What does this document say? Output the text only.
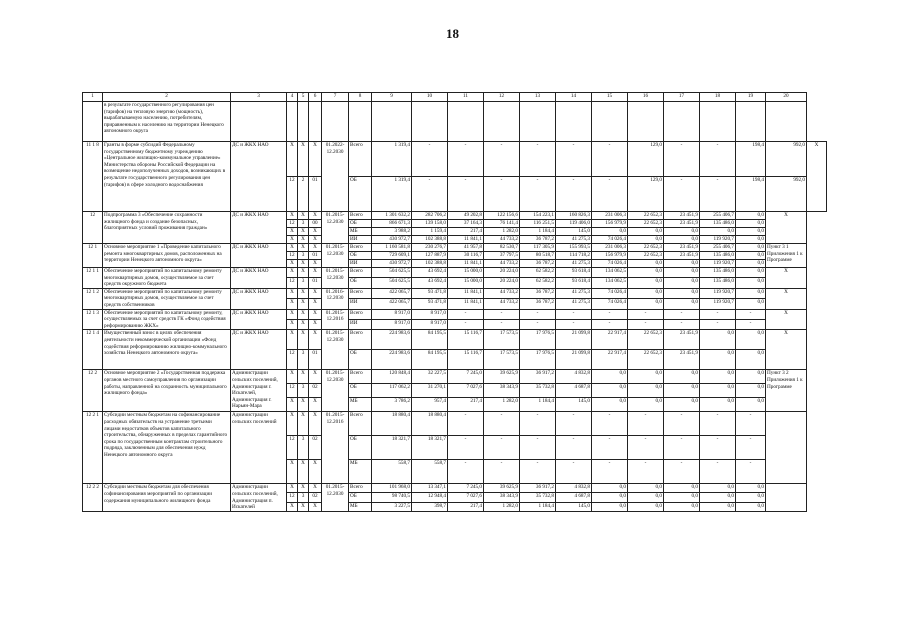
18
1	2	3	4	5	6	7	8	9	10	11	12	13	14	15	16	17	18	19	20	
	в результате государственного регулирования цен (тарифов) на тепловую энергию (мощность), вырабатываемую населению, потребителям, приравненным к населению на территории Ненецкого автономного округа																			
11 1 8	Гранты в форме субсидий Федеральному государственному бюджетному учреждению «Центральное жилищно-коммунальное управление» Министерства обороны Российской Федерации на возмещение недополученных доходов, возникающих в результате государственного регулирования цен (тарифов) в сфере холодного водоснабжения	ДС и ЖКХ НАО	X	X	X	01.2022-12.2030	Всего	1 319,4	-	-	-	-	-	-	129,0	-	-	198,4	992,0	X
			12	2	01		ОБ	1 319,4	-	-	-	-	-	-	129,0	-	-	198,4	992,0	
12	Подпрограмма 3 «Обеспечение сохранности жилищного фонда и создание безопасных, благоприятных условий проживания граждан»	ДС и ЖКХ НАО	X	X	X	01.2015-12.2030	Всего	1 301 632,2	282 706,2	49 202,8	122 156,6	154 223,1	160 826,3	231 006,3	22 652,3	23 451,9	255 406,7	0,0	X	
			12	3	00		ОБ	866 671,3	139 158,0	37 164,3	76 141,4	116 251,5	119 406,0	156 979,9	22 652,3	23 451,9	135 486,0	0,0		
			X	X	X		МБ	3 988,2	1 159,4	217,4	1 282,0	1 184,4	145,0	0,0	0,0	0,0	0,0	0,0		
			X	X	X		ИИ	430 972,7	102 388,8	11 841,1	44 733,2	36 787,2	41 275,3	74 026,4	0,0	0,0	119 920,7	0,0		
12 1	Основное мероприятие 1 «Проведение капитального ремонта многоквартирных домов, расположенных на территории Ненецкого автономного округа»	ДС и ЖКХ НАО	X	X	X	01.2015-12.2030	Всего	1 160 581,8	230 276,7	41 957,8	82 530,7	117 305,9	155 993,5	231 006,3	22 652,3	23 451,9	255 406,7	0,0	Пункт 3 1 Приложения 1 к Программе	
			12	3	01		ОБ	729 609,1	127 887,9	30 116,7	37 797,5	80 518,7	114 718,2	156 979,9	22 652,3	23 451,9	135 486,0	0,0		
			X	X	X		ИИ	430 972,7	102 388,8	11 841,1	44 733,2	36 787,2	41 275,3	74 026,4	0,0	0,0	119 920,7	0,0		
12 1 1	Обеспечение мероприятий по капитальному ремонту многоквартирных домов, осуществляемое за счет средств окружного бюджета	ДС и ЖКХ НАО	X	X	X	01.2015-12.2030	Всего	504 625,5	43 692,4	15 000,0	20 224,0	62 582,2	93 618,4	134 062,5	0,0	0,0	135 486,0	0,0	X	
			12	3	01		ОБ	504 625,5	43 692,4	15 000,0	20 224,0	62 582,2	93 618,4	134 062,5	0,0	0,0	135 486,0	0,0		
12 1 2	Обеспечение мероприятий по капитальному ремонту многоквартирных домов, осуществляемое за счет средств собственников	ДС и ЖКХ НАО	X	X	X	01.2016-12.2030	Всего	422 065,7	93 471,8	11 841,1	44 733,2	36 787,2	41 275,3	74 026,4	0,0	0,0	119 920,7	0,0	X	
			X	X	X		ИИ	422 065,7	93 471,8	11 841,1	44 733,2	36 787,2	41 275,3	74 026,4	0,0	0,0	119 920,7	0,0		
12 1 3	Обеспечение мероприятий по капитальному ремонту, осуществляемых за счет средств ГК «Фонд содействия реформированию ЖКХ»	ДС и ЖКХ НАО	X	X	X	01.2015-12.2016	Всего	8 917,0	8 917,0	-	-	-	-	-	-	-	-	-	X	
			X	X	X		ИИ	8 917,0	8 917,0	-	-	-	-	-	-	-	-	-		
12 1 4	Имущественный взнос в целях обеспечения деятельности некоммерческой организации «Фонд содействия реформированию жилищно-коммунального хозяйства Ненецкого автономного округа»	ДС и ЖКХ НАО	X	X	X	01.2015-12.2030	Всего	224 983,6	84 195,5	15 116,7	17 573,5	17 976,5	21 099,8	22 917,4	22 652,3	23 451,9	0,0	0,0	X	
			12	3	01		ОБ	224 983,6	84 195,5	15 116,7	17 573,5	17 976,5	21 099,8	22 917,4	22 652,3	23 451,9	0,0	0,0		
12 2	Основное мероприятие 2 «Государственная поддержка органов местного самоуправления по организации работы, направленной на сохранность муниципального жилищного фонда»	Администрации сельских поселений, Администрация г. Искателей, Администрация г. Нарьян-Мара	X	X	X	01.2015-12.2030	Всего	120 848,4	32 227,5	7 245,0	39 625,9	36 917,2	4 832,8	0,0	0,0	0,0	0,0	0,0	Пункт 3 2 Приложения 1 к Программе	
			12	3	02		ОБ	117 062,2	31 270,1	7 027,6	38 343,9	35 732,8	4 687,8	0,0	0,0	0,0	0,0	0,0		
			X	X	X		МБ	3 786,2	957,4	217,4	1 282,0	1 184,4	145,0	0,0	0,0	0,0	0,0	0,0		
12 2 1	Субсидии местным бюджетам на софинансирование расходных обязательств на устранение третьими лицами недостатков объектов капитального строительства, обнаруженных в пределах гарантийного срока по государственным контрактам строительного подряда, заключенным для обеспечения нужд Ненецкого автономного округа	Администрации сельских поселений	X	X	X	01.2015-12.2016	Всего	18 880,4	18 880,4	-	-	-	-	-	-	-	-	-		
			12	3	02		ОБ	18 321,7	18 321,7	-	-	-	-	-	-	-	-	-		
			X	X	X		МБ	558,7	558,7	-	-	-	-	-	-	-	-	-		
12 2 2	Субсидии местным бюджетам для обеспечения софинансирования мероприятий по организации содержания муниципального жилищного фонда	Администрации сельских поселений, Администрация п. Искателей	X	X	X	01.2015-12.2030	Всего	101 968,0	13 347,1	7 245,0	39 625,9	36 917,2	4 832,8	0,0	0,0	0,0	0,0	0,0		
			12	3	02		ОБ	98 740,5	12 948,4	7 027,6	38 343,9	35 732,8	4 687,8	0,0	0,0	0,0	0,0	0,0		
			X	X	X		МБ	3 227,5	398,7	217,4	1 282,0	1 184,4	145,0	0,0	0,0	0,0	0,0	0,0		
